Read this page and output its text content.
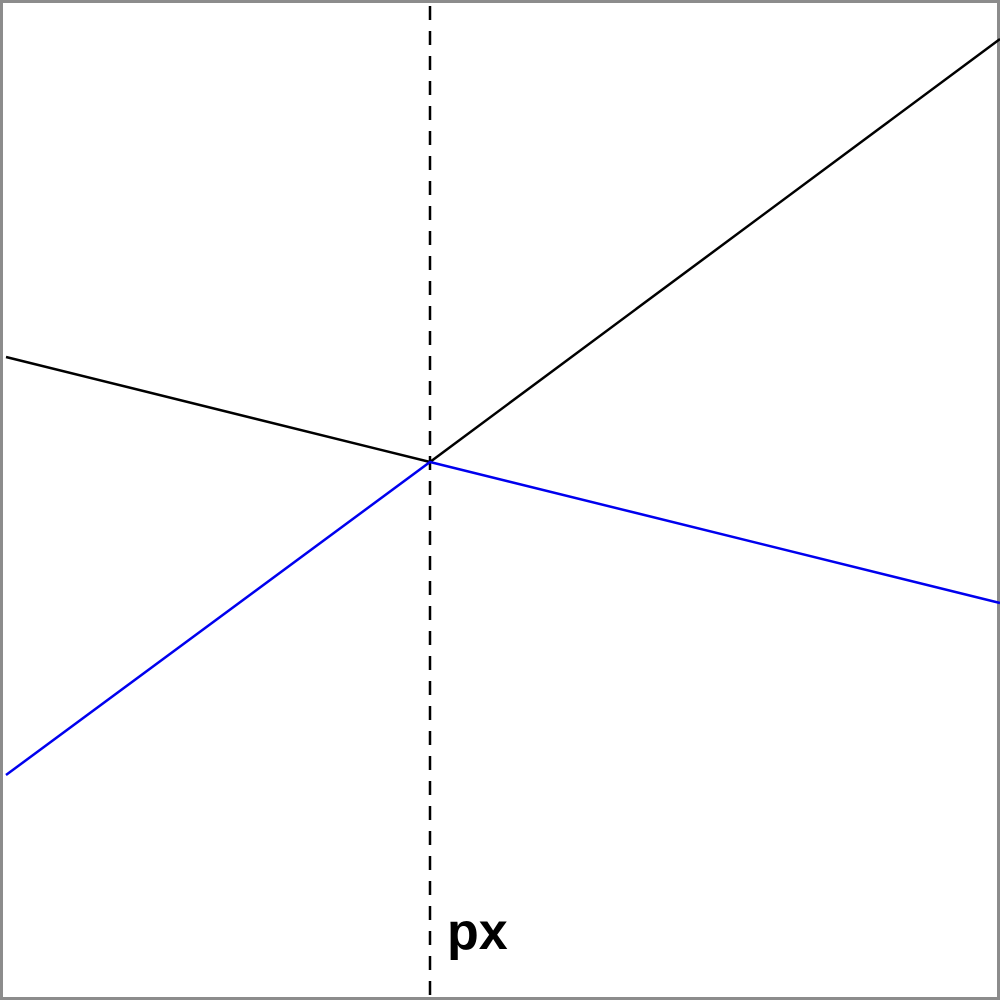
px
